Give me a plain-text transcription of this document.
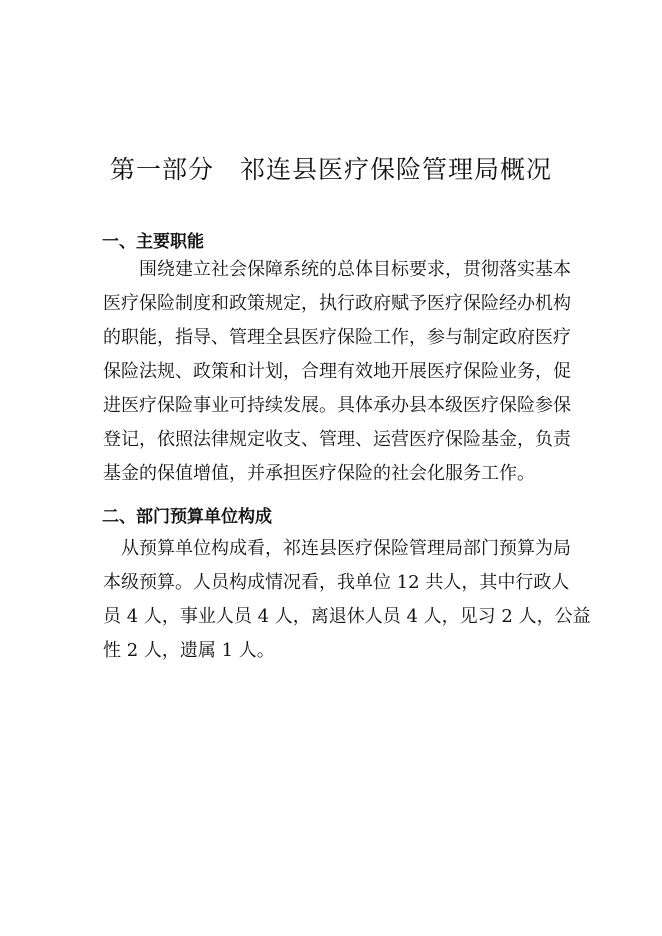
第一部分　祁连县医疗保险管理局概况
一、主要职能
　　围绕建立社会保障系统的总体目标要求，贯彻落实基本
医疗保险制度和政策规定，执行政府赋予医疗保险经办机构
的职能，指导、管理全县医疗保险工作，参与制定政府医疗
保险法规、政策和计划，合理有效地开展医疗保险业务，促
进医疗保险事业可持续发展。具体承办县本级医疗保险参保
登记，依照法律规定收支、管理、运营医疗保险基金，负责
基金的保值增值，并承担医疗保险的社会化服务工作。
二、部门预算单位构成
　从预算单位构成看，祁连县医疗保险管理局部门预算为局
本级预算。人员构成情况看，我单位 12 共人，其中行政人
员 4 人，事业人员 4 人，离退休人员 4 人，见习 2 人，公益
性 2 人，遗属 1 人。
